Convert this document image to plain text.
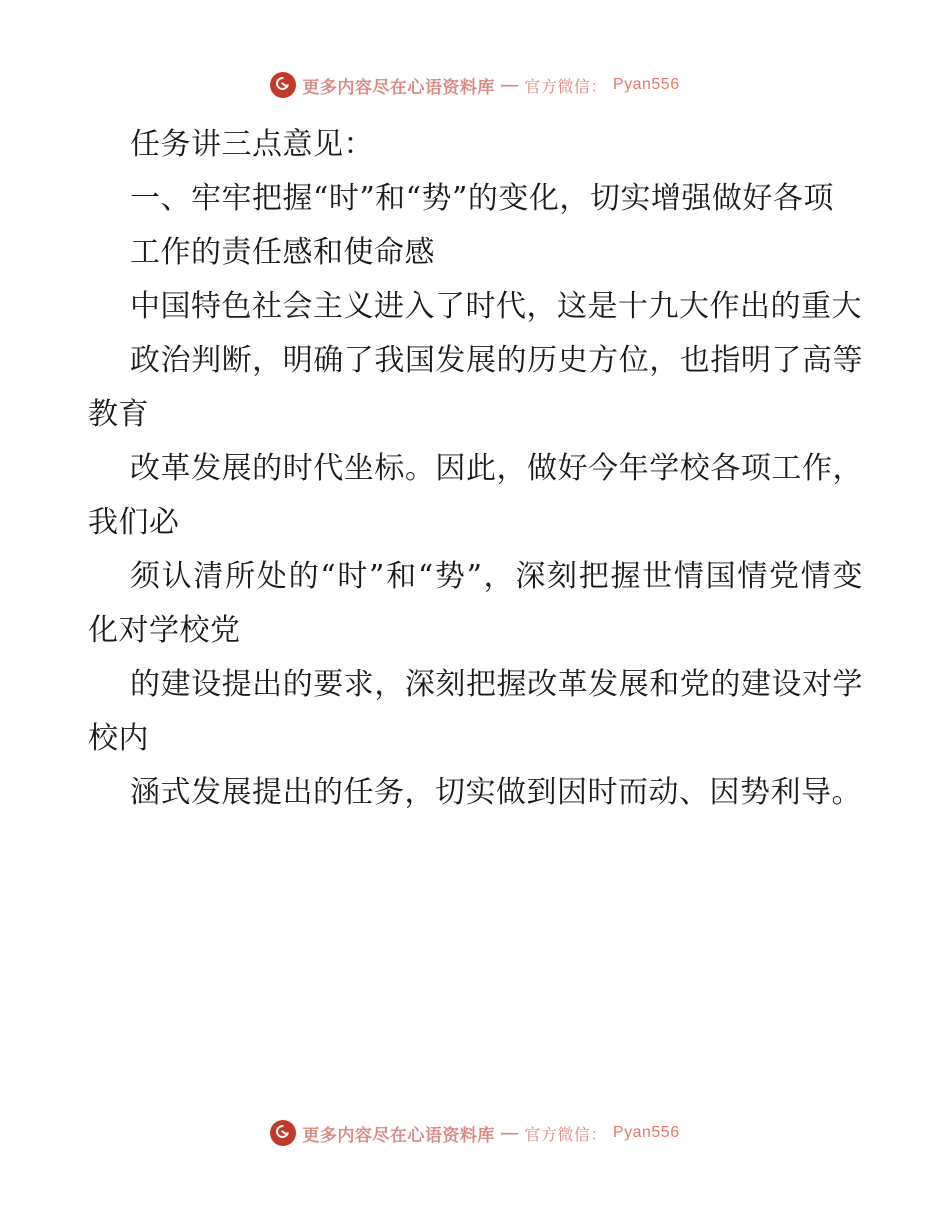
更多内容尽在心语资料库 — 官方微信： Pyan556

任务讲三点意见：

一、牢牢把握“时”和“势”的变化，切实增强做好各项

工作的责任感和使命感

中国特色社会主义进入了时代，这是十九大作出的重大

政治判断，明确了我国发展的历史方位，也指明了高等教育

改革发展的时代坐标。因此，做好今年学校各项工作，我们必

须认清所处的“时”和“势”，深刻把握世情国情党情变化对学校党

的建设提出的要求，深刻把握改革发展和党的建设对学校内

涵式发展提出的任务，切实做到因时而动、因势利导。

更多内容尽在心语资料库 — 官方微信： Pyan556
